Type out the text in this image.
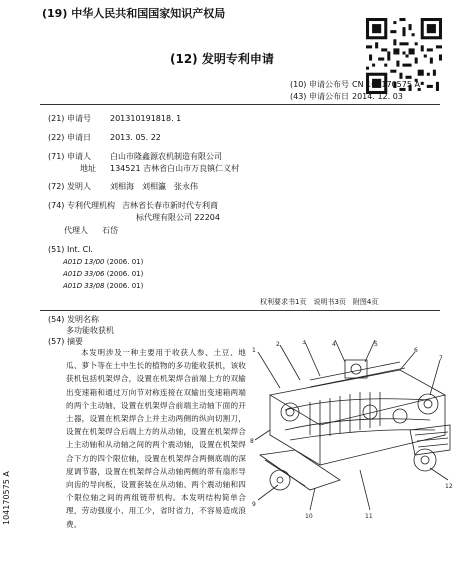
(19) 中华人民共和国国家知识产权局
(12) 发明专利申请
(10) 申请公布号 CN 104170575 A
(43) 申请公布日 2014. 12. 03
(21) 申请号 201310191818. 1
(22) 申请日 2013. 05. 22
(71) 申请人 白山市隆鑫源农机制造有限公司
地址 134521 吉林省白山市万良镇仁义村
(72) 发明人 刘相海　刘相瀛　张永伟
(74) 专利代理机构 吉林省长春市新时代专利商
标代理有限公司 22204
代理人 石岱
(51) Int. Cl.
A01D 13/00 (2006. 01)
A01D 33/06 (2006. 01)
A01D 33/08 (2006. 01)
权利要求书1页　说明书3页　附图4页
(54) 发明名称
多功能收获机
(57) 摘要
本发明涉及一种主要用于收获人参、土豆、地瓜、萝卜等在土中生长的植物的多功能收获机，该收获机包括机架焊合，设置在机架焊合前端上方的双输出变速箱和通过万向节对称连接在双输出变速箱两端的两个主动轴，设置在机架焊合前端主动轴下面的开土器，设置在机架焊合上并主动两侧的纵向切割刀，设置在机架焊合后端上方的从动轴，设置在机架焊合上主动轴和从动轴之间的两个震动轴，设置在机架焊合下方的四个限位轴，设置在机架焊合两侧底端的深度调节器，设置在机架焊合从动轴两侧的带有扇形导向齿的导向板，设置套装在从动轴、两个震动轴和四个限位轴之间的两组链带机构。本发明结构简单合理，劳动强度小、用工少，省时省力，不容易造成浪费。
1
2	3	4	5
6
7
8
9
10	11
12
104170575 A
